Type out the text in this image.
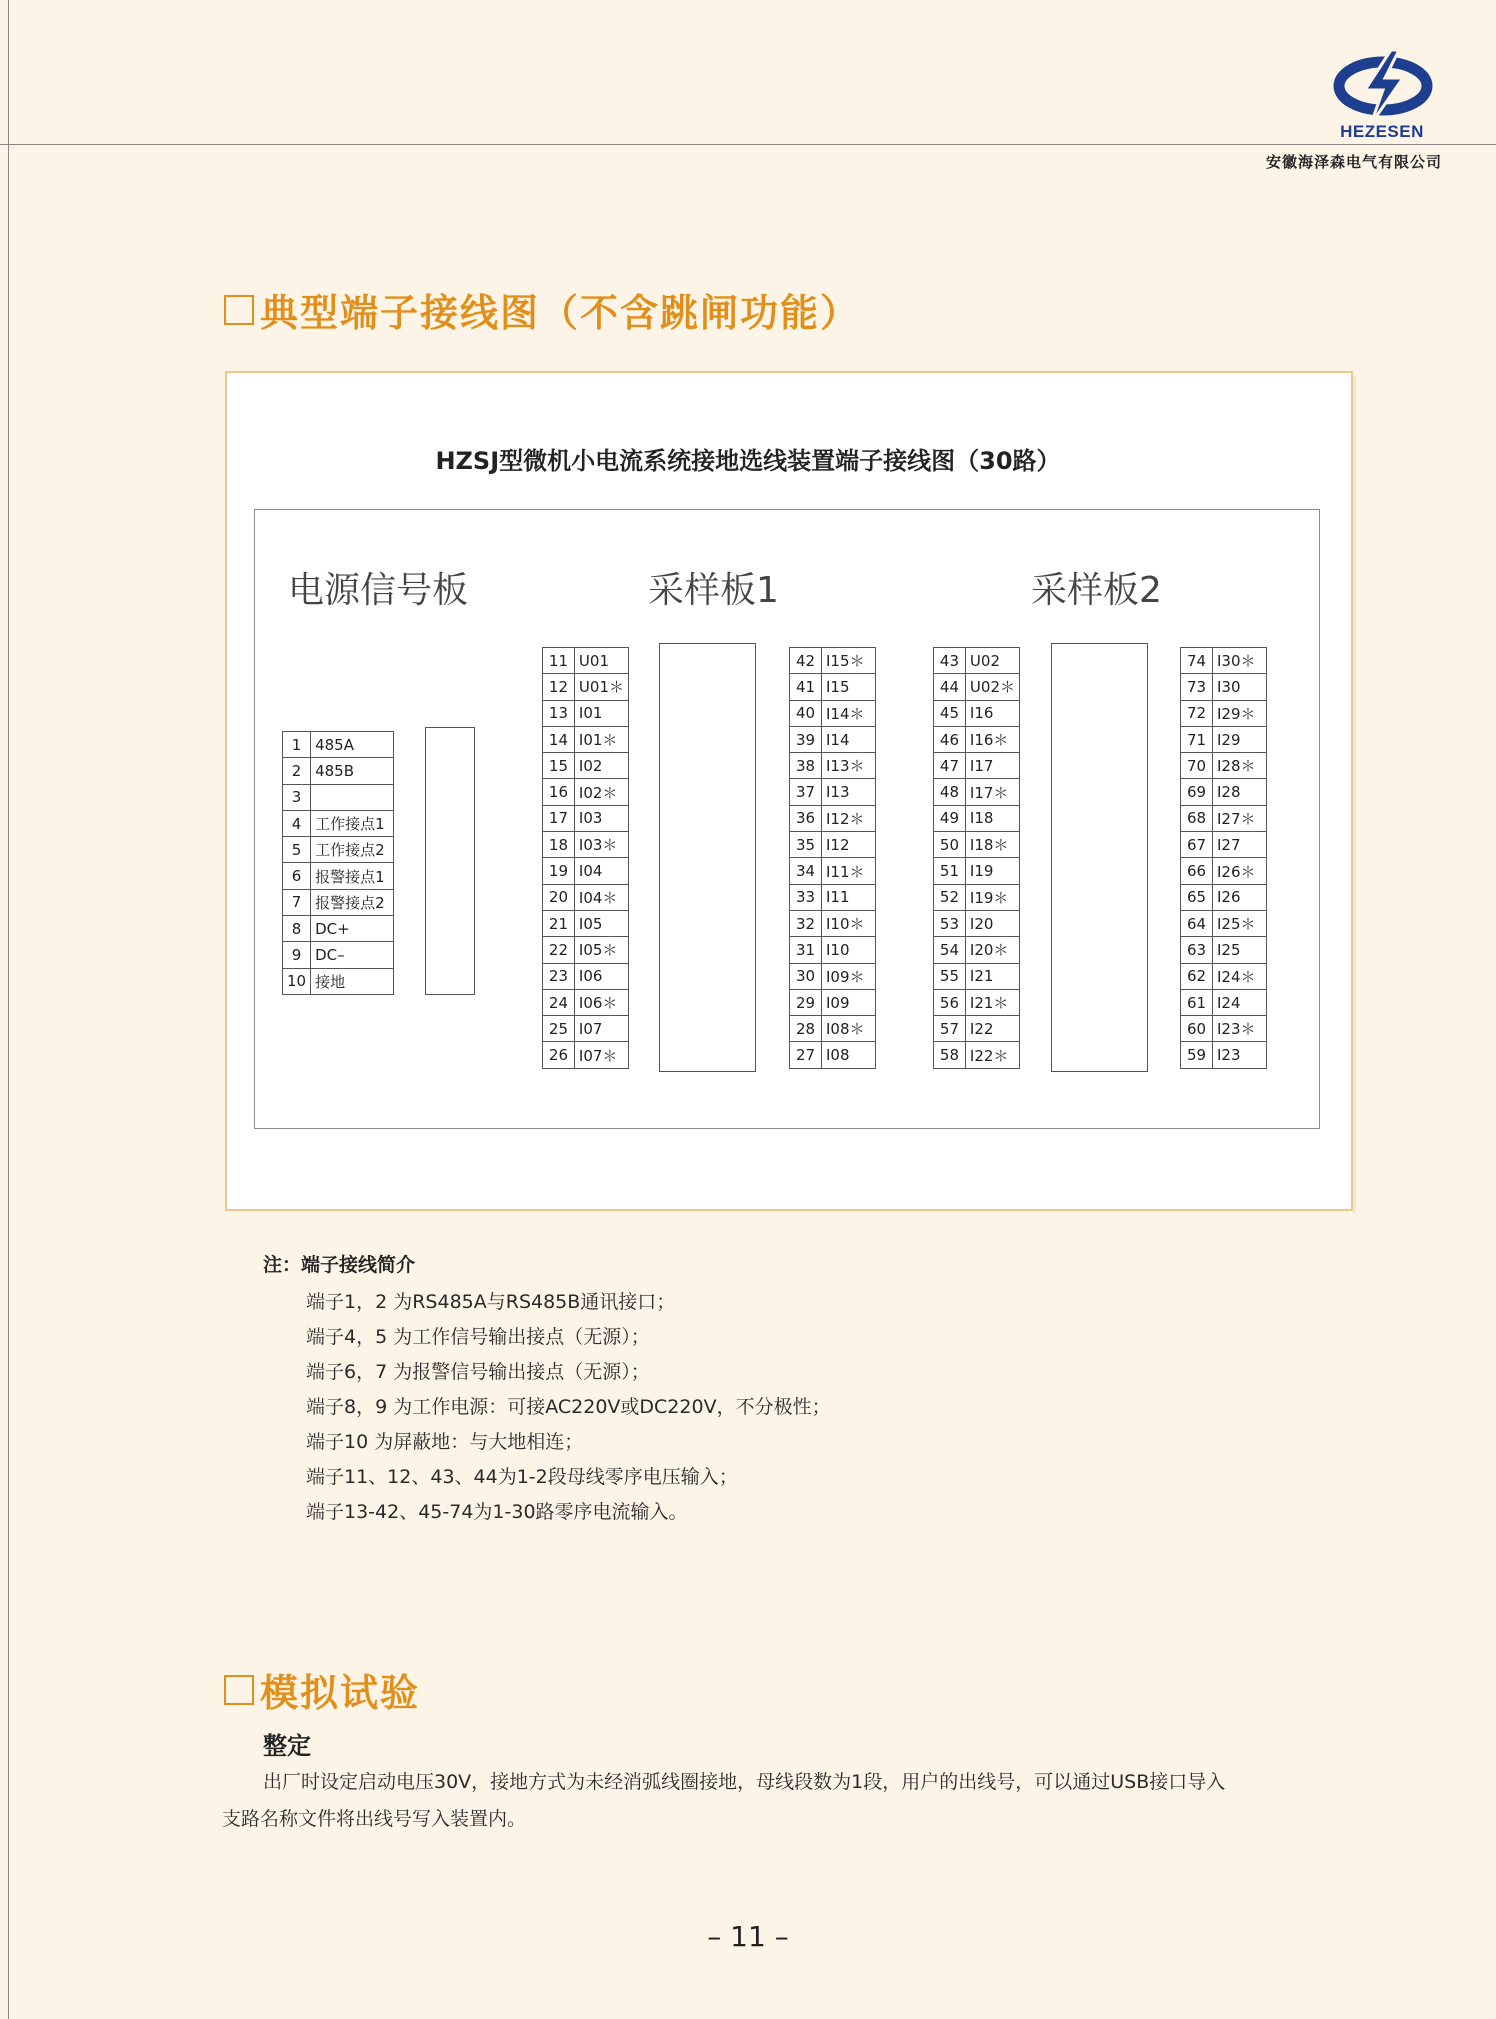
HEZESEN
安徽海泽森电气有限公司
典型端子接线图（不含跳闸功能）
HZSJ型微机小电流系统接地选线装置端子接线图（30路）
电源信号板	采样板1	采样板2
1	485A
2	485B
3	
4	工作接点1
5	工作接点2
6	报警接点1
7	报警接点2
8	DC+
9	DC–
10	接地
11	U01
12	U01＊
13	I01
14	I01＊
15	I02
16	I02＊
17	I03
18	I03＊
19	I04
20	I04＊
21	I05
22	I05＊
23	I06
24	I06＊
25	I07
26	I07＊
42	I15＊
41	I15
40	I14＊
39	I14
38	I13＊
37	I13
36	I12＊
35	I12
34	I11＊
33	I11
32	I10＊
31	I10
30	I09＊
29	I09
28	I08＊
27	I08
43	U02
44	U02＊
45	I16
46	I16＊
47	I17
48	I17＊
49	I18
50	I18＊
51	I19
52	I19＊
53	I20
54	I20＊
55	I21
56	I21＊
57	I22
58	I22＊
74	I30＊
73	I30
72	I29＊
71	I29
70	I28＊
69	I28
68	I27＊
67	I27
66	I26＊
65	I26
64	I25＊
63	I25
62	I24＊
61	I24
60	I23＊
59	I23
注：端子接线简介
端子1，2 为RS485A与RS485B通讯接口；
端子4，5 为工作信号输出接点（无源）；
端子6，7 为报警信号输出接点（无源）；
端子8，9 为工作电源：可接AC220V或DC220V，不分极性；
端子10 为屏蔽地：与大地相连；
端子11、12、43、44为1-2段母线零序电压输入；
端子13-42、45-74为1-30路零序电流输入。
模拟试验
整定
出厂时设定启动电压30V，接地方式为未经消弧线圈接地，母线段数为1段，用户的出线号，可以通过USB接口导入
支路名称文件将出线号写入装置内。
– 11 –
